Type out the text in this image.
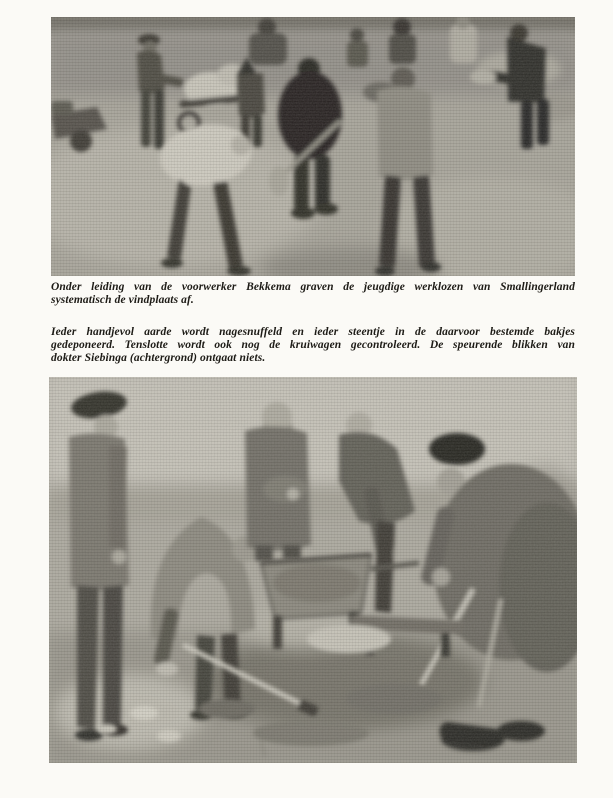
Onder leiding van de voorwerker Bekkema graven de jeugdige werklozen van Smallingerland
systematisch de vindplaats af.

Ieder handjevol aarde wordt nagesnuffeld en ieder steentje in de daarvoor bestemde bakjes
gedeponeerd. Tenslotte wordt ook nog de kruiwagen gecontroleerd. De speurende blikken van
dokter Siebinga (achtergrond) ontgaat niets.
